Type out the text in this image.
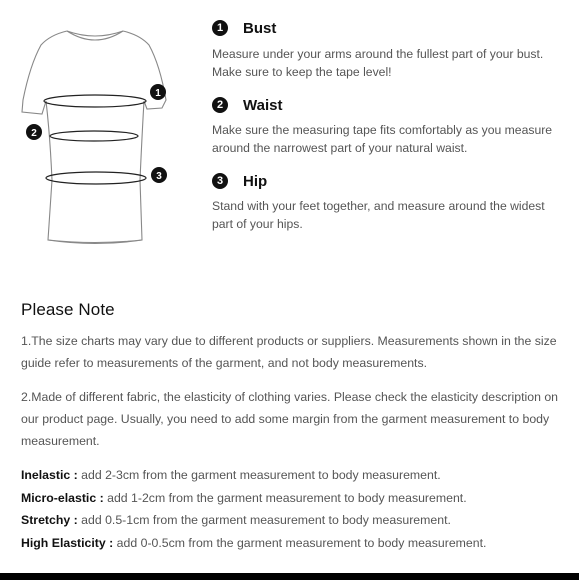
1
2
3
1	Bust
Measure under your arms around the fullest part of your bust. Make sure to keep the tape level!
2	Waist
Make sure the measuring tape fits comfortably as you measure around the narrowest part of your natural waist.
3	Hip
Stand with your feet together, and measure around the widest part of your hips.
Please Note

1.The size charts may vary due to different products or suppliers. Measurements shown in the size guide refer to measurements of the garment, and not body measurements.

2.Made of different fabric, the elasticity of clothing varies. Please check the elasticity description on our product page. Usually, you need to add some margin from the garment measurement to body measurement.

Inelastic : add 2-3cm from the garment measurement to body measurement.
Micro-elastic : add 1-2cm from the garment measurement to body measurement.
Stretchy : add 0.5-1cm from the garment measurement to body measurement.
High Elasticity : add 0-0.5cm from the garment measurement to body measurement.
